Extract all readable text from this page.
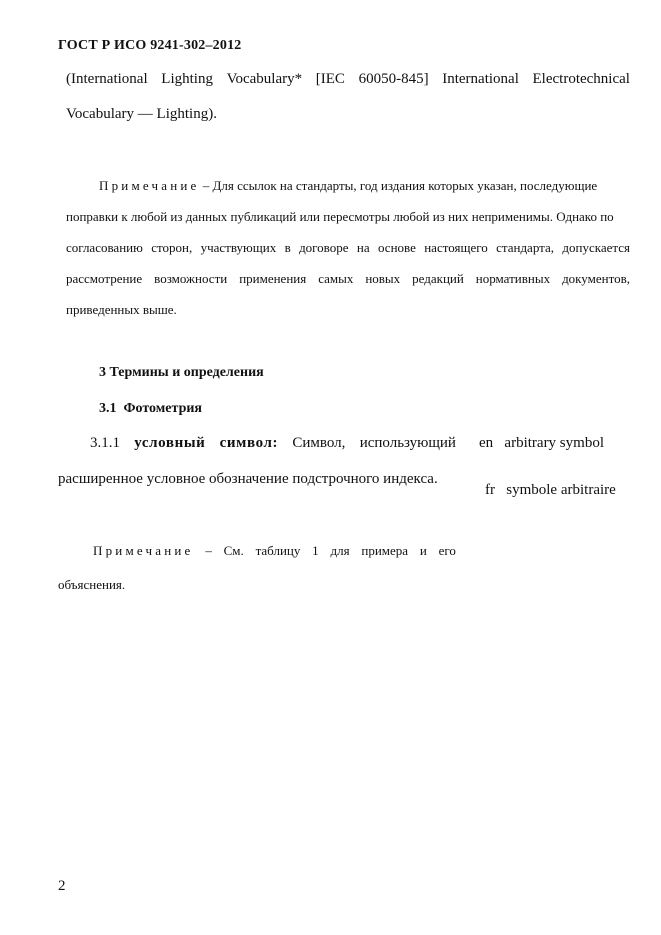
ГОСТ Р ИСО 9241-302–2012
(International Lighting Vocabulary* [IEC 60050-845] International Electrotechnical
Vocabulary — Lighting).
Примечание – Для ссылок на стандарты, год издания которых указан, последующие
поправки к любой из данных публикаций или пересмотры любой из них неприменимы. Однако по
согласованию сторон, участвующих в договоре на основе настоящего стандарта, допускается
рассмотрение возможности применения самых новых редакций нормативных документов,
приведенных выше.
3 Термины и определения
3.1 Фотометрия
3.1.1 условный символ: Символ, использующий
расширенное условное обозначение подстрочного индекса.
en arbitrary symbol
fr symbole arbitraire
Примечание – См. таблицу 1 для примера и его
объяснения.
2
